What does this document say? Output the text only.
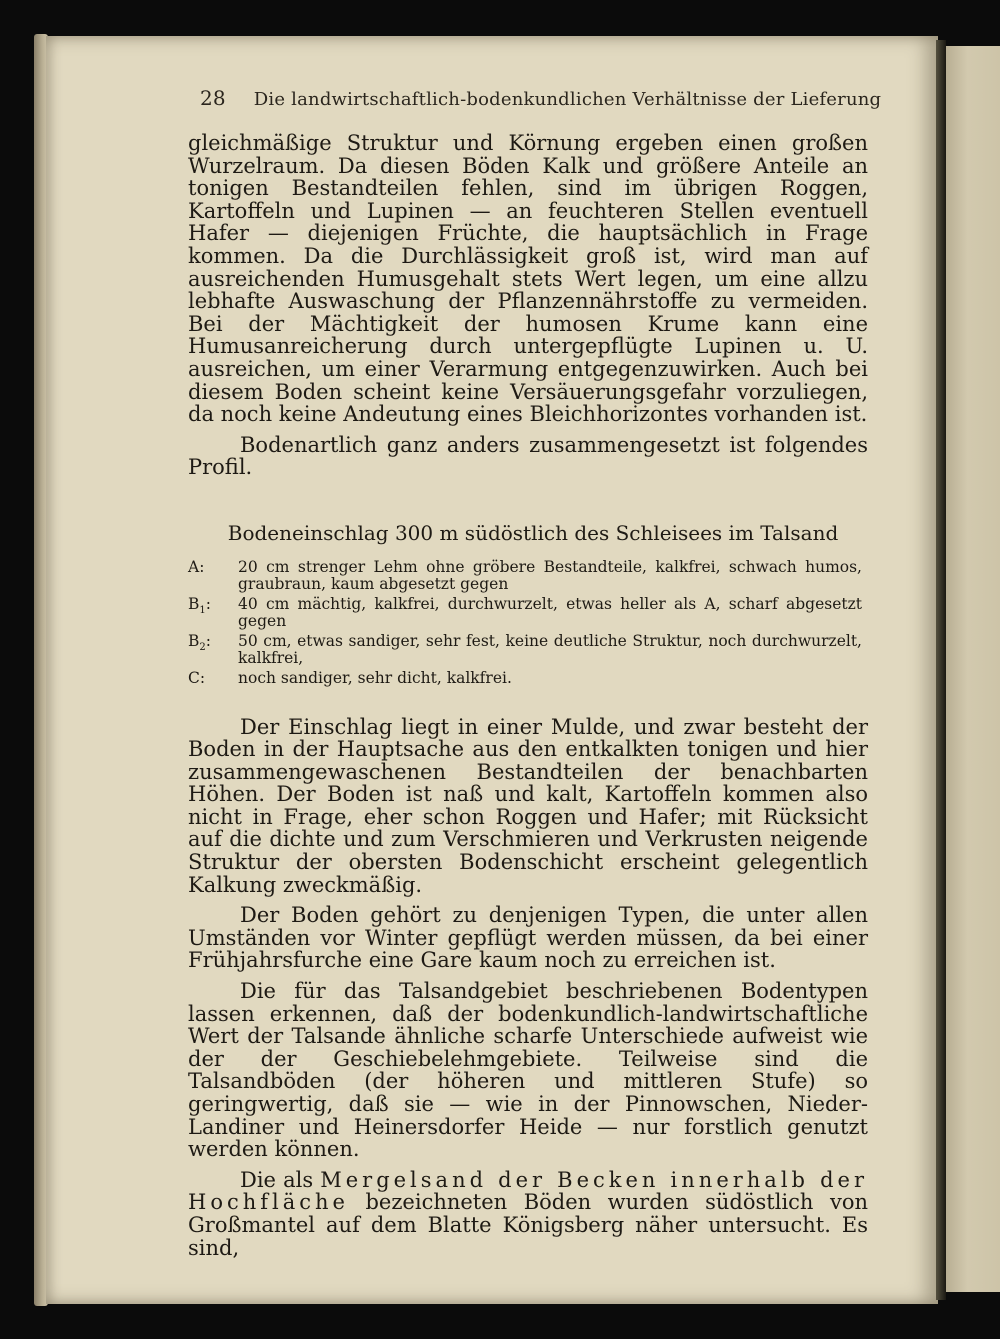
28 Die landwirtschaftlich-bodenkundlichen Verhältnisse der Lieferung

gleichmäßige Struktur und Körnung ergeben einen großen Wurzelraum. Da diesen Böden Kalk und größere Anteile an tonigen Bestandteilen fehlen, sind im übrigen Roggen, Kartoffeln und Lupinen — an feuchteren Stellen eventuell Hafer — diejenigen Früchte, die hauptsächlich in Frage kommen. Da die Durchlässigkeit groß ist, wird man auf ausreichenden Humusgehalt stets Wert legen, um eine allzu lebhafte Auswaschung der Pflanzennährstoffe zu vermeiden. Bei der Mächtigkeit der humosen Krume kann eine Humusanreicherung durch untergepflügte Lupinen u. U. ausreichen, um einer Verarmung entgegenzuwirken. Auch bei diesem Boden scheint keine Versäuerungsgefahr vorzuliegen, da noch keine Andeutung eines Bleichhorizontes vorhanden ist.

Bodenartlich ganz anders zusammengesetzt ist folgendes Profil.

Bodeneinschlag 300 m südöstlich des Schleisees im Talsand
A:	20 cm strenger Lehm ohne gröbere Bestandteile, kalkfrei, schwach humos, graubraun, kaum abgesetzt gegen
$B_1$:	40 cm mächtig, kalkfrei, durchwurzelt, etwas heller als A, scharf abgesetzt gegen
$B_2$:	50 cm, etwas sandiger, sehr fest, keine deutliche Struktur, noch durchwurzelt, kalkfrei,
C:	noch sandiger, sehr dicht, kalkfrei.

Der Einschlag liegt in einer Mulde, und zwar besteht der Boden in der Hauptsache aus den entkalkten tonigen und hier zusammengewaschenen Bestandteilen der benachbarten Höhen. Der Boden ist naß und kalt, Kartoffeln kommen also nicht in Frage, eher schon Roggen und Hafer; mit Rücksicht auf die dichte und zum Verschmieren und Verkrusten neigende Struktur der obersten Bodenschicht erscheint gelegentlich Kalkung zweckmäßig.

Der Boden gehört zu denjenigen Typen, die unter allen Umständen vor Winter gepflügt werden müssen, da bei einer Frühjahrsfurche eine Gare kaum noch zu erreichen ist.

Die für das Talsandgebiet beschriebenen Bodentypen lassen erkennen, daß der bodenkundlich-landwirtschaftliche Wert der Talsande ähnliche scharfe Unterschiede aufweist wie der der Geschiebelehmgebiete. Teilweise sind die Talsandböden (der höheren und mittleren Stufe) so geringwertig, daß sie — wie in der Pinnowschen, Nieder-Landiner und Heinersdorfer Heide — nur forstlich genutzt werden können.

Die als Mergelsand der Becken innerhalb der Hochfläche bezeichneten Böden wurden südöstlich von Großmantel auf dem Blatte Königsberg näher untersucht. Es sind,
